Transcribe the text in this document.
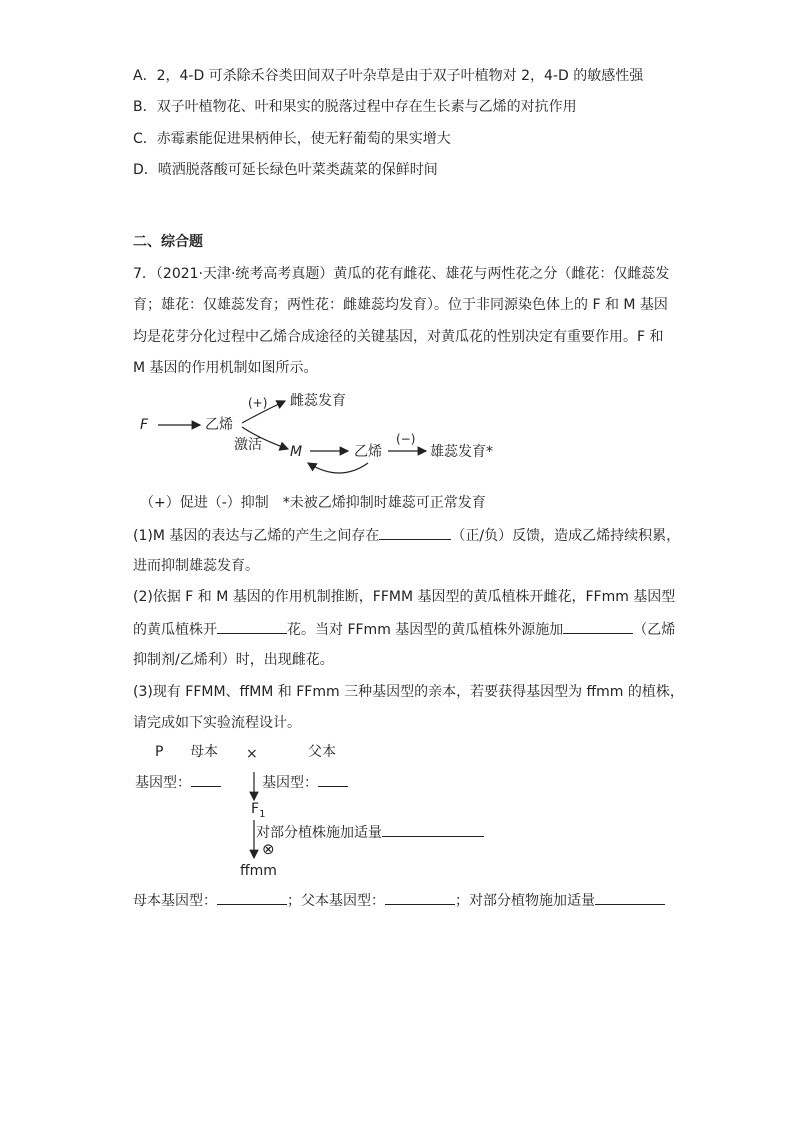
A．2，4-D 可杀除禾谷类田间双子叶杂草是由于双子叶植物对 2，4-D 的敏感性强
B．双子叶植物花、叶和果实的脱落过程中存在生长素与乙烯的对抗作用
C．赤霉素能促进果柄伸长，使无籽葡萄的果实增大
D．喷洒脱落酸可延长绿色叶菜类蔬菜的保鲜时间
二、综合题
7．（2021·天津·统考高考真题）黄瓜的花有雌花、雄花与两性花之分（雌花：仅雌蕊发
育；雄花：仅雄蕊发育；两性花：雌雄蕊均发育）。位于非同源染色体上的 F 和 M 基因
均是花芽分化过程中乙烯合成途径的关键基因，对黄瓜花的性别决定有重要作用。F 和
M 基因的作用机制如图所示。
F	乙烯
(+) 雌蕊发育
激活 M	乙烯
(−)
雄蕊发育*
（+）促进（-）抑制　*未被乙烯抑制时雄蕊可正常发育
(1)M 基因的表达与乙烯的产生之间存在	（正/负）反馈，造成乙烯持续积累，
进而抑制雄蕊发育。
(2)依据 F 和 M 基因的作用机制推断，FFMM 基因型的黄瓜植株开雌花，FFmm 基因型
的黄瓜植株开	花。当对 FFmm 基因型的黄瓜植株外源施加	（乙烯
抑制剂/乙烯利）时，出现雌花。
(3)现有 FFMM、ffMM 和 FFmm 三种基因型的亲本，若要获得基因型为 ffmm 的植株，
请完成如下实验流程设计。
P 母本 ×	父本
基因型：	基因型：
$F_1$
对部分植株施加适量
⊗
ffmm
母本基因型：	；父本基因型：	；对部分植物施加适量
